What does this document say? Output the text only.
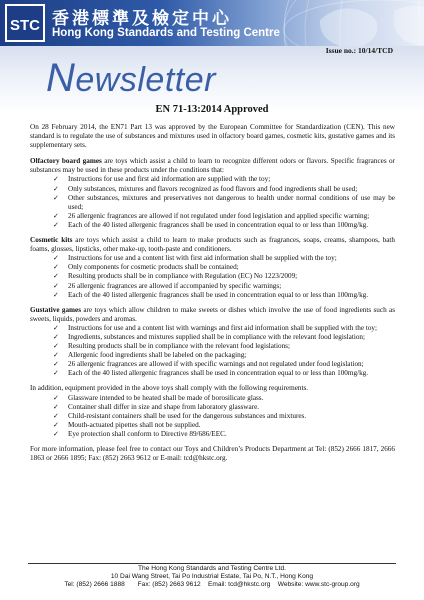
STC 香港標準及檢定中心
Hong Kong Standards and Testing Centre
Issue no.: 10/14/TCD
Newsletter
EN 71-13:2014 Approved

On 28 February 2014, the EN71 Part 13 was approved by the European Committee for Standardization (CEN). This new standard is to regulate the use of substances and mixtures used in olfactory board games, cosmetic kits, gustative games and its supplementary sets.

Olfactory board games are toys which assist a child to learn to recognize different odors or flavors. Specific fragrances or substances may be used in these products under the conditions that:

✓ Instructions for use and first aid information are supplied with the toy;
✓ Only substances, mixtures and flavors recognized as food flavors and food ingredients shall be used;
✓ Other substances, mixtures and preservatives not dangerous to health under normal conditions of use may be used;
✓ 26 allergenic fragrances are allowed if not regulated under food legislation and applied specific warning;
✓ Each of the 40 listed allergenic fragrances shall be used in concentration equal to or less than 100mg/kg.

Cosmetic kits are toys which assist a child to learn to make products such as fragrances, soaps, creams, shampoos, bath foams, glosses, lipsticks, other make-up, tooth-paste and conditioners.

✓ Instructions for use and a content list with first aid information shall be supplied with the toy;
✓ Only components for cosmetic products shall be contained;
✓ Resulting products shall be in compliance with Regulation (EC) No 1223/2009;
✓ 26 allergenic fragrances are allowed if accompanied by specific warnings;
✓ Each of the 40 listed allergenic fragrances shall be used in concentration equal to or less than 100mg/kg.

Gustative games are toys which allow children to make sweets or dishes which involve the use of food ingredients such as sweets, liquids, powders and aromas.

✓ Instructions for use and a content list with warnings and first aid information shall be supplied with the toy;
✓ Ingredients, substances and mixtures supplied shall be in compliance with the relevant food legislation;
✓ Resulting products shall be in compliance with the relevant food legislations;
✓ Allergenic food ingredients shall be labeled on the packaging;
✓ 26 allergenic fragrances are allowed if with specific warnings and not regulated under food legislation;
✓ Each of the 40 listed allergenic fragrances shall be used in concentration equal to or less than 100mg/kg.

In addition, equipment provided in the above toys shall comply with the following requirements.

✓ Glassware intended to be heated shall be made of borosilicate glass.
✓ Container shall differ in size and shape from laboratory glassware.
✓ Child-resistant containers shall be used for the dangerous substances and mixtures.
✓ Mouth-actuated pipettes shall not be supplied.
✓ Eye protection shall conform to Directive 89/686/EEC.

For more information, please feel free to contact our Toys and Children’s Products Department at Tel: (852) 2666 1817, 2666 1863 or 2666 1895; Fax: (852) 2663 9612 or E-mail: tcd@hkstc.org.

The Hong Kong Standards and Testing Centre Ltd.
10 Dai Wang Street, Tai Po Industrial Estate, Tai Po, N.T., Hong Kong
Tel: (852) 2666 1888       Fax: (852) 2663 9612    Email: tcd@hkstc.org    Website: www.stc-group.org
